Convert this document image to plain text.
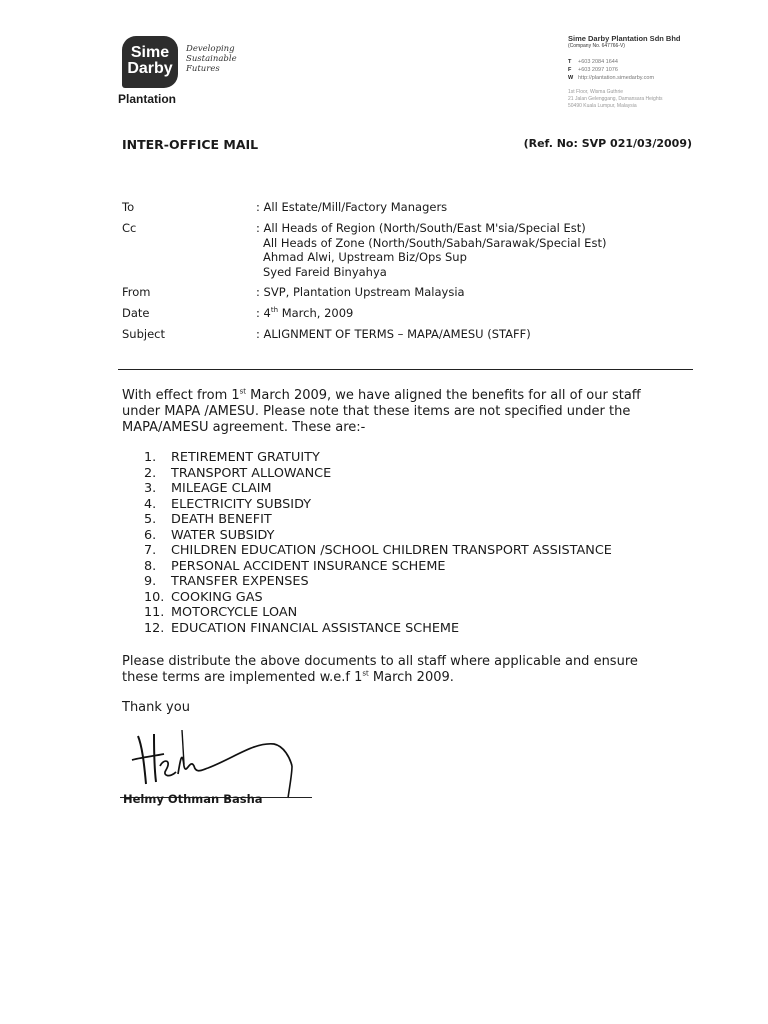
Sime
Darby
Developing
Sustainable
Futures
Plantation
Sime Darby Plantation Sdn Bhd
(Company No. 647766-V)
T +603 2084 1644
F +603 2097 1076
W http://plantation.simedarby.com
1st Floor, Wisma Guthrie
21 Jalan Gelenggang, Damansara Heights
50490 Kuala Lumpur, Malaysia
INTER-OFFICE MAIL	(Ref. No: SVP 021/03/2009)
To	: All Estate/Mill/Factory Managers
Cc	: All Heads of Region (North/South/East M'sia/Special Est)
All Heads of Zone (North/South/Sabah/Sarawak/Special Est)
Ahmad Alwi, Upstream Biz/Ops Sup
Syed Fareid Binyahya
From	: SVP, Plantation Upstream Malaysia
Date	: 4th March, 2009
Subject	: ALIGNMENT OF TERMS – MAPA/AMESU (STAFF)
With effect from 1st March 2009, we have aligned the benefits for all of our staff
under MAPA /AMESU. Please note that these items are not specified under the
MAPA/AMESU agreement. These are:-
1. RETIREMENT GRATUITY
2. TRANSPORT ALLOWANCE
3. MILEAGE CLAIM
4. ELECTRICITY SUBSIDY
5. DEATH BENEFIT
6. WATER SUBSIDY
7. CHILDREN EDUCATION /SCHOOL CHILDREN TRANSPORT ASSISTANCE
8. PERSONAL ACCIDENT INSURANCE SCHEME
9. TRANSFER EXPENSES
10. COOKING GAS
11. MOTORCYCLE LOAN
12. EDUCATION FINANCIAL ASSISTANCE SCHEME
Please distribute the above documents to all staff where applicable and ensure
these terms are implemented w.e.f 1st March 2009.
Thank you
Helmy Othman Basha
